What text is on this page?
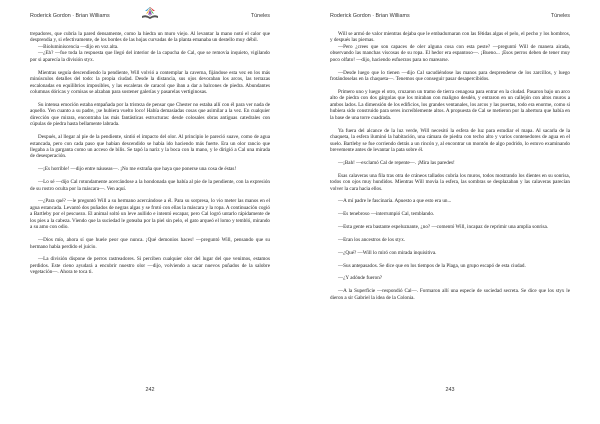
Roderick Gordon · Brian Williams	Túneles

trepadores, que cubría la pared densamente, como la hiedra un muro viejo. Al levantar la mano notó el calor que desprendía y, si efectivamente, de los bordes de las hojas curvadas de la planta emanaba un destello muy débil.

—Bioluminiscencia —dijo en voz alta.

—¿Eh? —fue toda la respuesta que llegó del interior de la capucha de Cal, que se removía inquieto, vigilando por si aparecía la división styx.

Mientras seguía descendiendo la pendiente, Will volvió a contemplar la caverna, fijándose esta vez en los más minúsculos detalles del todo: la propia ciudad. Desde la distancia, sus ojos devoraban los arcos, las terrazas escalonadas en equilibrios imposibles, y las escaleras de caracol que iban a dar a balcones de piedra. Abundantes columnas dóricas y cornisas se alzaban para sostener galerías y pasarelas vertiginosas.

Su intensa emoción estaba empañada por la tristeza de pensar que Chester no estaba allí con él para ver nada de aquello. Yen cuanto a su padre, ¡se hubiera vuelto loco! Había demasiadas cosas que asimilar a la vez. En cualquier dirección que mirara, encontraba las más fantásticas estructuras: desde colosales obras antiguas catedrales con cúpulas de piedra hasta bellamente labrada.

Después, al llegar al pie de la pendiente, sintió el impacto del olor. Al principio le pareció suave, como de agua estancada, pero con cada paso que habían descendido se había ido haciendo más fuerte. Era un olor rancio que llegaba a la garganta como un acceso de bilis. Se tapó la nariz y la boca con la mano, y le dirigió a Cal una mirada de desesperación.

—¡Es horrible! —dijo entre náuseas—. ¡No me extraña que haya que ponerse una cosa de éstas!

—Lo sé —dijo Cal rotundamente acercándose a la hondonada que había al pie de la pendiente, con la expresión de su rostro oculta por la máscara—. Ven aquí.

—¿Para qué? —le preguntó Will a su hermano acercándose a él. Para su sorpresa, lo vio meter las manos en el agua estancada. Levantó dos puñados de negras algas y se frotó con ellas la máscara y la ropa. A continuación cogió a Bartleby por el pescuezo. El animal soltó un leve aullido e intentó escapar, pero Cal logró untarlo rápidamente de los pies a la cabeza. Viendo que la suciedad le goteaba por la piel sin pelo, el gato arqueó el lomo y tembló, mirando a su amo con odio.

—Dios mío, ahora sí que huele peor que nunca. ¡Qué demonios haces! —preguntó Will, pensando que su hermano había perdido el juicio.

—La división dispone de perros rastreadores. Si perciben cualquier olor del lugar del que venimos, estamos perdidos. Este cieno ayudará a encubrir nuestro olor —dijo, volviendo a sacar nuevos puñados de la salobre vegetación—. Ahora te toca ti.

242
Roderick Gordon · Brian Williams	Túneles

Will se armó de valor mientras dejaba que le embadurnaran con las fétidas algas el pelo, el pecho y los hombros, y después las piernas.

—Pero ¿crees que son capaces de oler alguna cosa con esta peste? —preguntó Will de manera airada, observando las manchas viscosas de su ropa. El hedor era espantoso—. ¡Bueno... ¡Esos perros deben de tener muy poco olfato! —dijo, haciendo esfuerzos para no marearse.

—Desde luego que lo tienen —dijo Cal sacudiéndose las manos para desprenderse de los zarcillos, y luego frotándoselas en la chaqueta—. Tenemos que conseguir pasar desapercibidos.

Primero uno y luego el otro, cruzaron un tramo de tierra cenagosa para entrar en la ciudad. Pasaron bajo un arco alto de piedra con dos gárgolas que los miraban con maligno desdén, y entraron en un callejón con altos muros a ambos lados. La dimensión de los edificios, los grandes ventanales, los arcos y las puertas, todo era enorme, como si hubiera sido construido para seres increíblemente altos. A propuesta de Cal se metieron por la abertura que había en la base de una torre cuadrada.

Ya fuera del alcance de la luz verde, Will necesitó la esfera de luz para estudiar el mapa. Al sacarla de la chaqueta, la esfera iluminó la habitación, una cámara de piedra con techo alto y varios contenedores de agua en el suelo. Bartleby se fue corriendo detrás a un rincón y, al encontrar un montón de algo podrido, lo estuvo examinando brevemente antes de levantar la pata sobre él.

—¡Bah! —exclamó Cal de repente—. ¡Mira las paredes!

Esas calaveras una fila tras otra de cráneos tallados cubría los muros, todos mostrando los dientes en su sonrisa, todos con ojos muy hundidos. Mientras Will movía la esfera, las sombras se desplazaban y las calaveras parecían volver la cara hacia ellos.

—A mí padre le fascinaría. Apuesto a que esto era un...

—Es tenebroso —interrumpió Cal, temblando.

—Esta gente era bastante espeluznante, ¿no? —comentó Will, incapaz de reprimir una amplia sonrisa.

—Eran los ancestros de los styx.

—¿Qué? —Will lo miró con mirada inquisitiva.

—Sus antepasados. Se dice que en los tiempos de la Plaga, un grupo escapó de esta ciudad.

—¿Y adónde fueron?

—A la Superficie —respondió Cal—. Formaron allí una especie de sociedad secreta. Se dice que los styx le dieron a sir Gabriel la idea de la Colonia.

243
